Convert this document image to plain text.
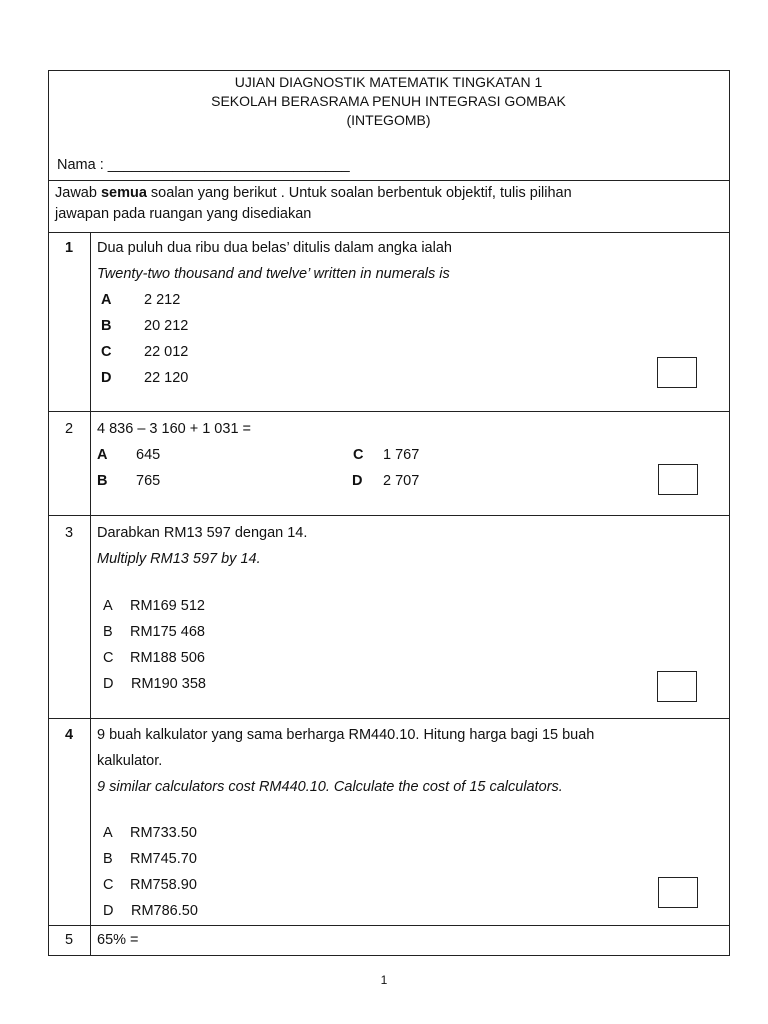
UJIAN DIAGNOSTIK MATEMATIK TINGKATAN 1
SEKOLAH BERASRAMA PENUH INTEGRASI GOMBAK
(INTEGOMB)
Nama : ______________________________
Jawab semua soalan yang berikut . Untuk soalan berbentuk objektif, tulis pilihan
jawapan pada ruangan yang disediakan
1	Dua puluh dua ribu dua belas’ ditulis dalam angka ialah
Twenty-two thousand and twelve’ written in numerals is
A 2 212
B 20 212
C 22 012
D 22 120
2	4 836 – 3 160 + 1 031 =
A 645
B 765
C 1 767
D 2 707
3	Darabkan RM13 597 dengan 14.
Multiply RM13 597 by 14.
A RM169 512
B RM175 468
C RM188 506
D RM190 358
4	9 buah kalkulator yang sama berharga RM440.10. Hitung harga bagi 15 buah
kalkulator.
9 similar calculators cost RM440.10. Calculate the cost of 15 calculators.
A RM733.50
B RM745.70
C RM758.90
D RM786.50
5	65% =
1
